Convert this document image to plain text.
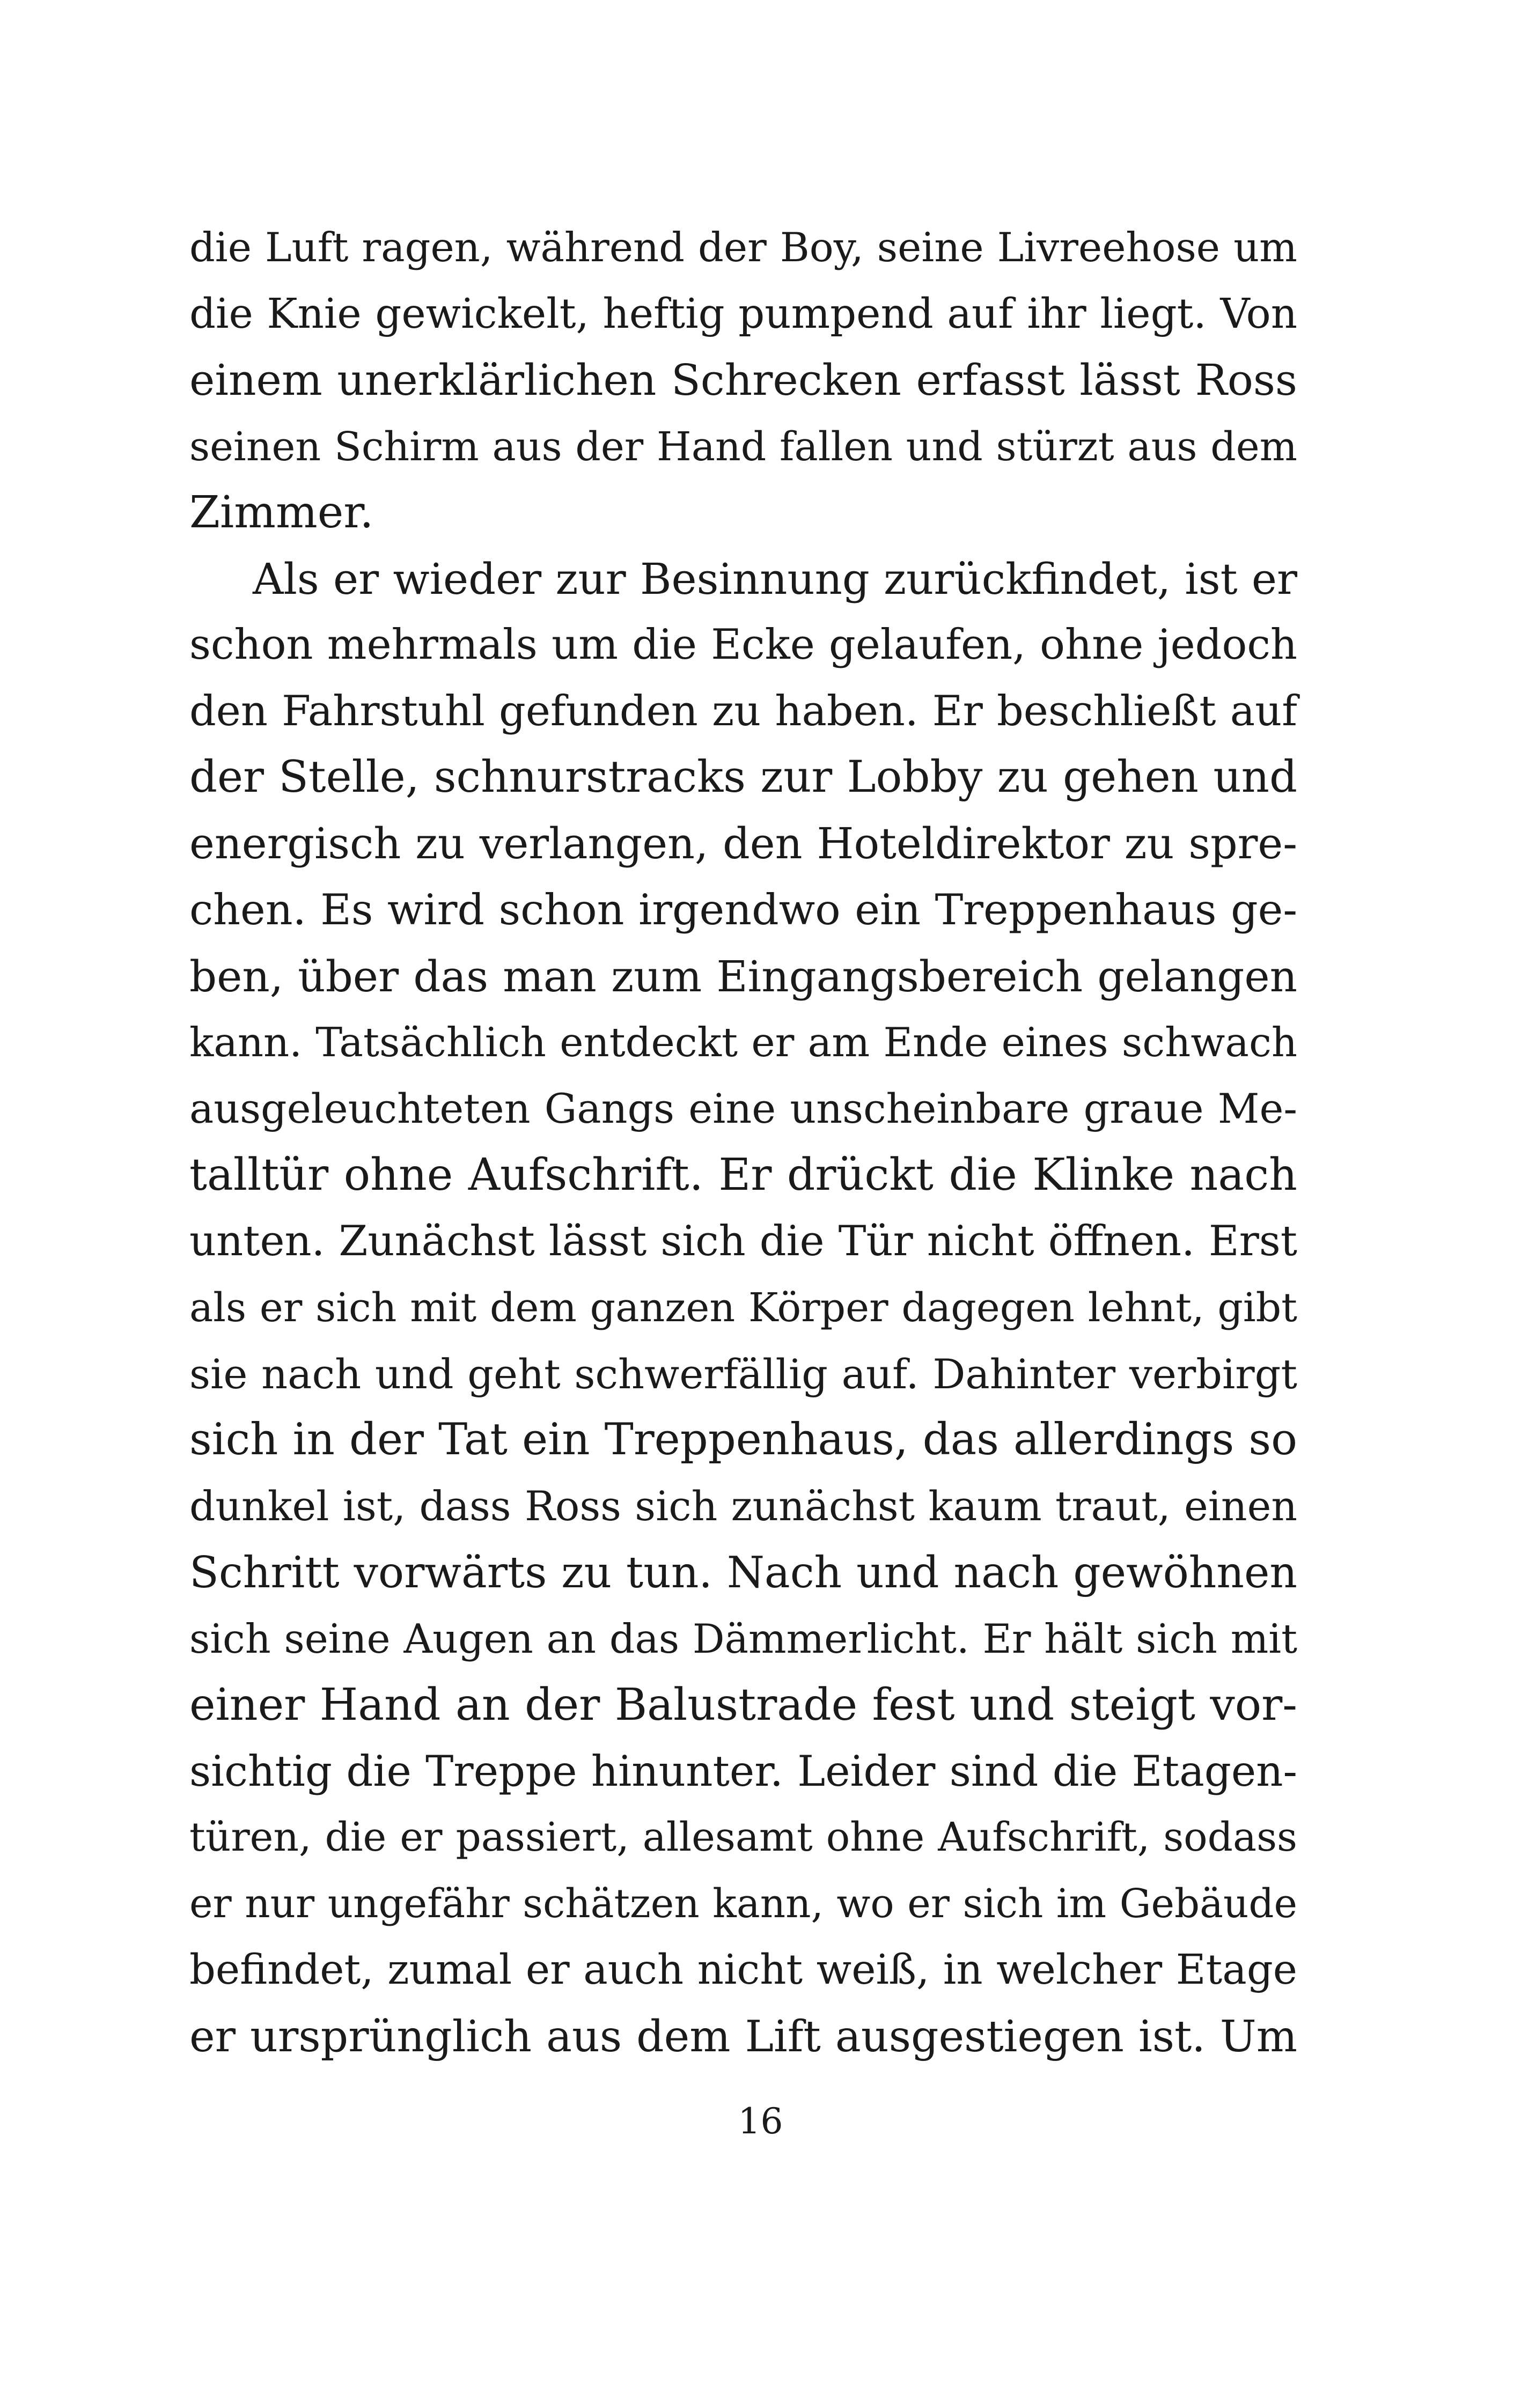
die Luft ragen, während der Boy, seine Livreehose um
die Knie gewickelt, heftig pumpend auf ihr liegt. Von
einem unerklärlichen Schrecken erfasst lässt Ross
seinen Schirm aus der Hand fallen und stürzt aus dem
Zimmer.
Als er wieder zur Besinnung zurückfindet, ist er
schon mehrmals um die Ecke gelaufen, ohne jedoch
den Fahrstuhl gefunden zu haben. Er beschließt auf
der Stelle, schnurstracks zur Lobby zu gehen und
energisch zu verlangen, den Hoteldirektor zu spre-
chen. Es wird schon irgendwo ein Treppenhaus ge-
ben, über das man zum Eingangsbereich gelangen
kann. Tatsächlich entdeckt er am Ende eines schwach
ausgeleuchteten Gangs eine unscheinbare graue Me-
talltür ohne Aufschrift. Er drückt die Klinke nach
unten. Zunächst lässt sich die Tür nicht öffnen. Erst
als er sich mit dem ganzen Körper dagegen lehnt, gibt
sie nach und geht schwerfällig auf. Dahinter verbirgt
sich in der Tat ein Treppenhaus, das allerdings so
dunkel ist, dass Ross sich zunächst kaum traut, einen
Schritt vorwärts zu tun. Nach und nach gewöhnen
sich seine Augen an das Dämmerlicht. Er hält sich mit
einer Hand an der Balustrade fest und steigt vor-
sichtig die Treppe hinunter. Leider sind die Etagen-
türen, die er passiert, allesamt ohne Aufschrift, sodass
er nur ungefähr schätzen kann, wo er sich im Gebäude
befindet, zumal er auch nicht weiß, in welcher Etage
er ursprünglich aus dem Lift ausgestiegen ist. Um
16
